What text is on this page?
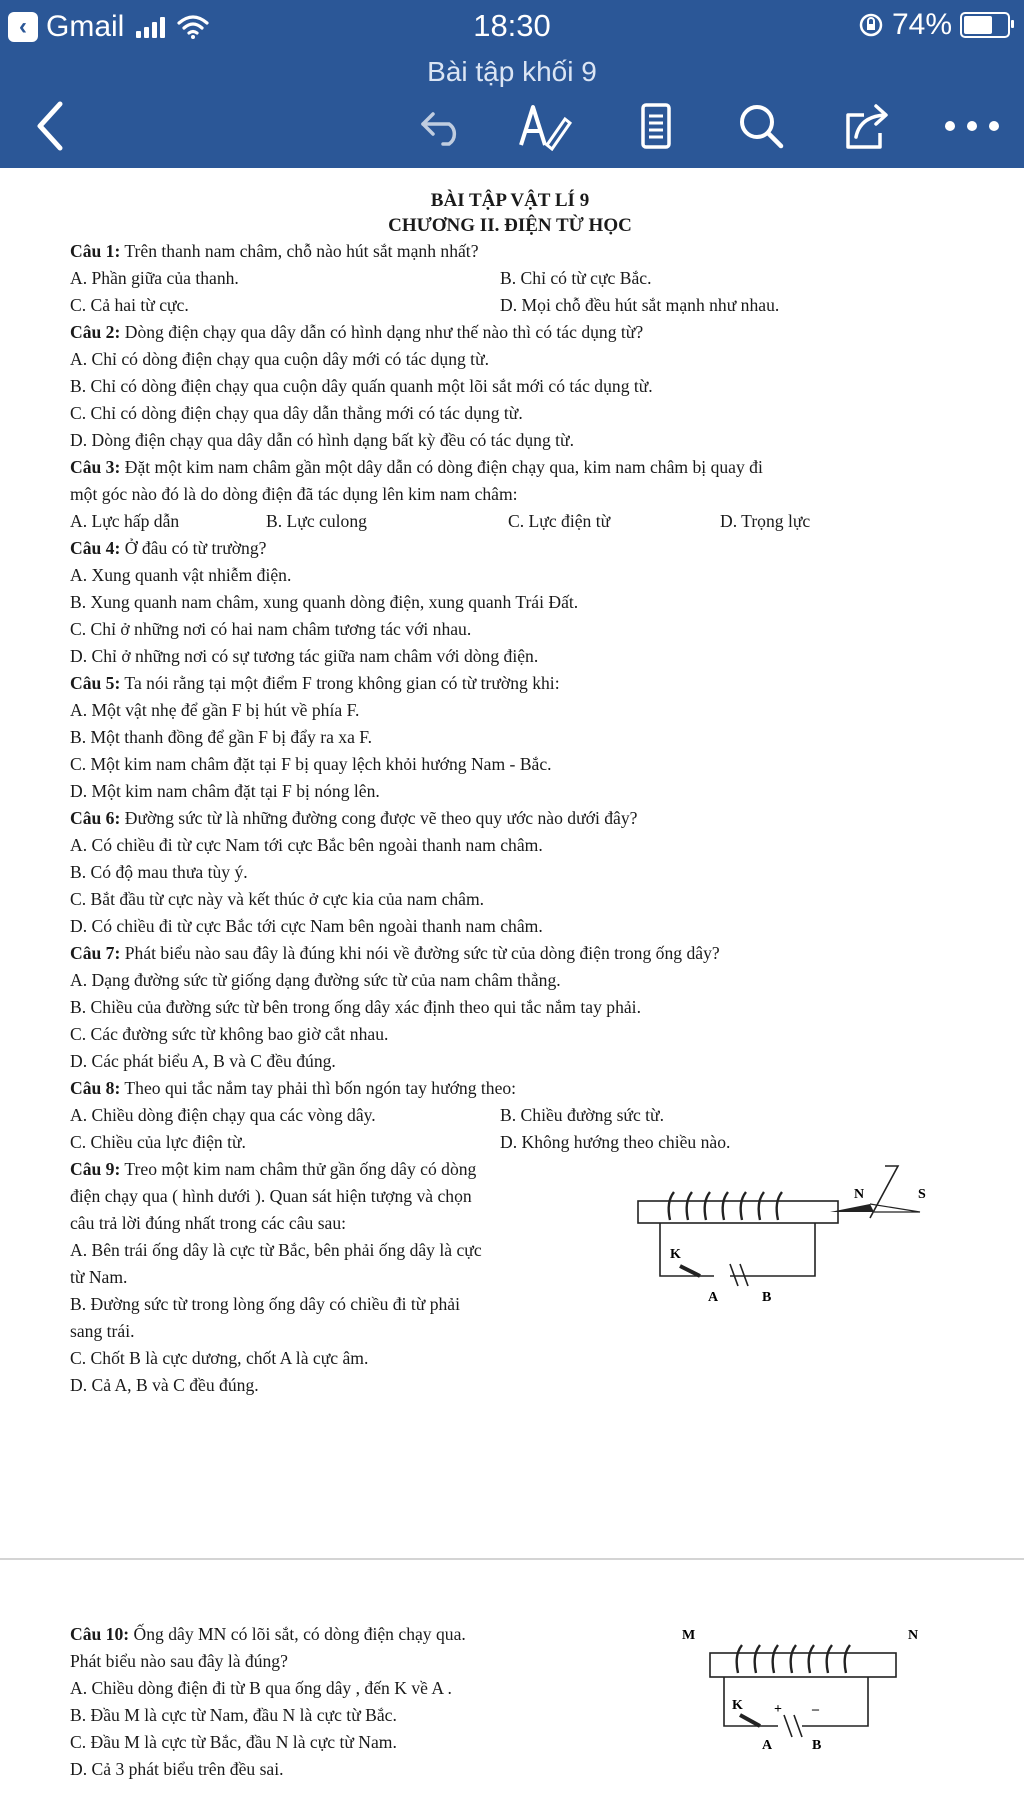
‹ Gmail	18:30	74%
Bài tập khối 9
BÀI TẬP VẬT LÍ 9
CHƯƠNG II. ĐIỆN TỪ HỌC
Câu 1: Trên thanh nam châm, chỗ nào hút sắt mạnh nhất?
A. Phần giữa của thanh.	B. Chỉ có từ cực Bắc.
C. Cả hai từ cực.	D. Mọi chỗ đều hút sắt mạnh như nhau.
Câu 2: Dòng điện chạy qua dây dẫn có hình dạng như thế nào thì có tác dụng từ?
A. Chỉ có dòng điện chạy qua cuộn dây mới có tác dụng từ.
B. Chỉ có dòng điện chạy qua cuộn dây quấn quanh một lõi sắt mới có tác dụng từ.
C. Chỉ có dòng điện chạy qua dây dẫn thẳng mới có tác dụng từ.
D. Dòng điện chạy qua dây dẫn có hình dạng bất kỳ đều có tác dụng từ.
Câu 3: Đặt một kim nam châm gần một dây dẫn có dòng điện chạy qua, kim nam châm bị quay đi
một góc nào đó là do dòng điện đã tác dụng lên kim nam châm:
A. Lực hấp dẫn	B. Lực culong	C. Lực điện từ	D. Trọng lực
Câu 4: Ở đâu có từ trường?
A. Xung quanh vật nhiễm điện.
B. Xung quanh nam châm, xung quanh dòng điện, xung quanh Trái Đất.
C. Chỉ ở những nơi có hai nam châm tương tác với nhau.
D. Chỉ ở những nơi có sự tương tác giữa nam châm với dòng điện.
Câu 5: Ta nói rằng tại một điểm F trong không gian có từ trường khi:
A. Một vật nhẹ để gần F bị hút về phía F.
B. Một thanh đồng để gần F bị đẩy ra xa F.
C. Một kim nam châm đặt tại F bị quay lệch khỏi hướng Nam - Bắc.
D. Một kim nam châm đặt tại F bị nóng lên.
Câu 6: Đường sức từ là những đường cong được vẽ theo quy ước nào dưới đây?
A. Có chiều đi từ cực Nam tới cực Bắc bên ngoài thanh nam châm.
B. Có độ mau thưa tùy ý.
C. Bắt đầu từ cực này và kết thúc ở cực kia của nam châm.
D. Có chiều đi từ cực Bắc tới cực Nam bên ngoài thanh nam châm.
Câu 7: Phát biểu nào sau đây là đúng khi nói về đường sức từ của dòng điện trong ống dây?
A. Dạng đường sức từ giống dạng đường sức từ của nam châm thẳng.
B. Chiều của đường sức từ bên trong ống dây xác định theo qui tắc nắm tay phải.
C. Các đường sức từ không bao giờ cắt nhau.
D. Các phát biểu A, B và C đều đúng.
Câu 8: Theo qui tắc nắm tay phải thì bốn ngón tay hướng theo:
A. Chiều dòng điện chạy qua các vòng dây.	B. Chiều đường sức từ.
C. Chiều của lực điện từ.	D. Không hướng theo chiều nào.
Câu 9: Treo một kim nam châm thử gần ống dây có dòng
điện chạy qua ( hình dưới ). Quan sát hiện tượng và chọn
câu trả lời đúng nhất trong các câu sau:
A. Bên trái ống dây là cực từ Bắc, bên phải ống dây là cực
từ Nam.
B. Đường sức từ trong lòng ống dây có chiều đi từ phải
sang trái.
C. Chốt B là cực dương, chốt A là cực âm.
D. Cả A, B và C đều đúng.
N	S
K
A	B
Câu 10: Ống dây MN có lõi sắt, có dòng điện chạy qua.
Phát biểu nào sau đây là đúng?
A. Chiều dòng điện đi từ B qua ống dây , đến K về A .
B. Đầu M là cực từ Nam, đầu N là cực từ Bắc.
C. Đầu M là cực từ Bắc, đầu N là cực từ Nam.
D. Cả 3 phát biểu trên đều sai.
M	N
K + –
A	B
